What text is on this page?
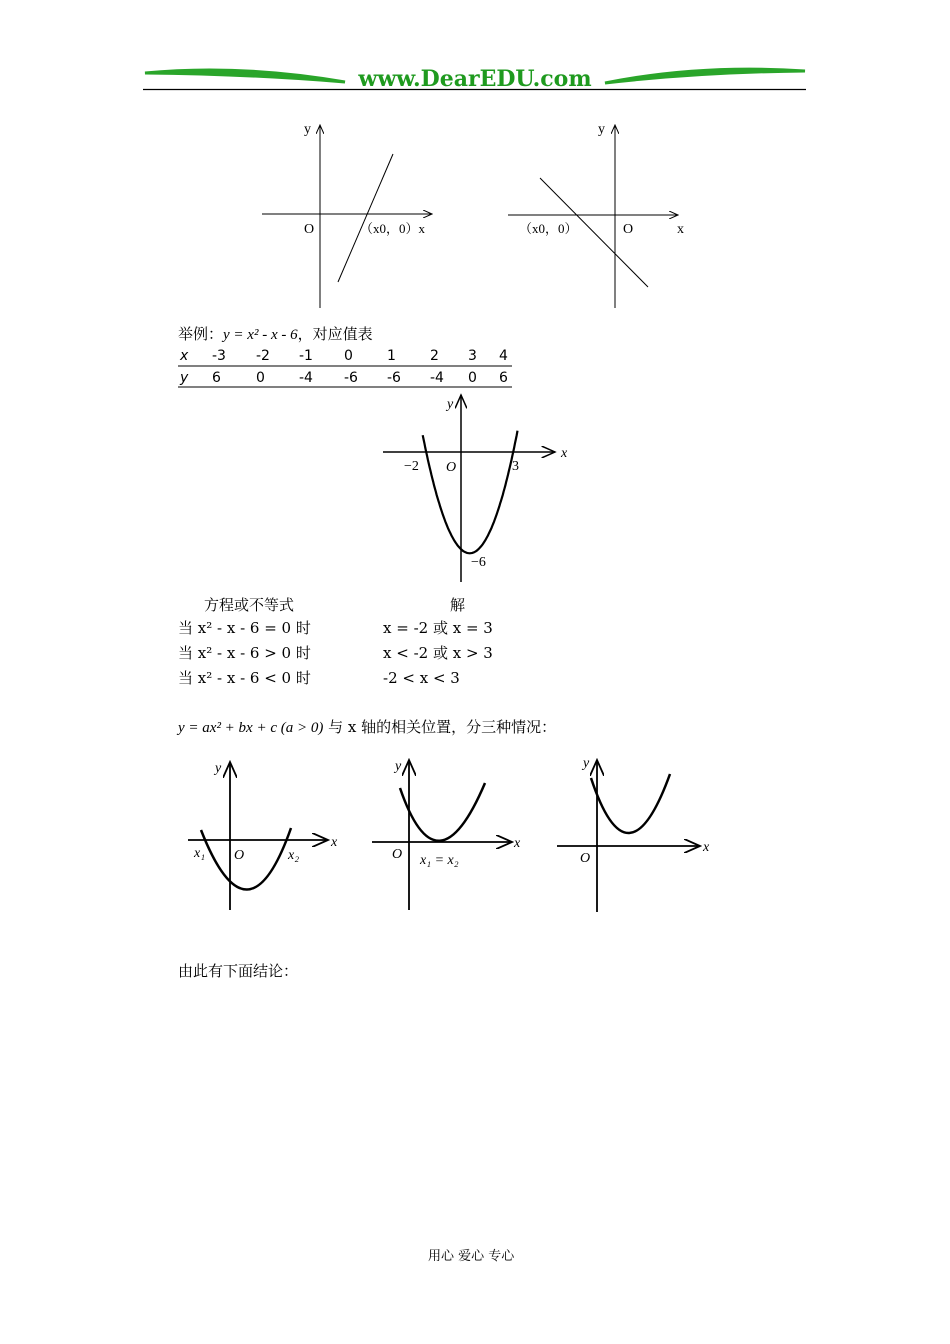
www.DearEDU.com
y
O	（x0，0）x
y
（x0，0）	O	x
y
x
−2 O	3
−6
y
x
x₁ O	x₂
y
x
O x₁ = x₂
y
x
O
举例：y = x² - x - 6，对应值表
x -3 -2 -1 0 1 2 3 4
y 6	0 -4 -6 -6 -4 0 6
方程或不等式	解
当 x² - x - 6 = 0 时	x = -2 或 x = 3
当 x² - x - 6 > 0 时	x < -2 或 x > 3
当 x² - x - 6 < 0 时	-2 < x < 3
y = ax² + bx + c (a > 0) 与 x 轴的相关位置，分三种情况：
由此有下面结论：
用心 爱心 专心
